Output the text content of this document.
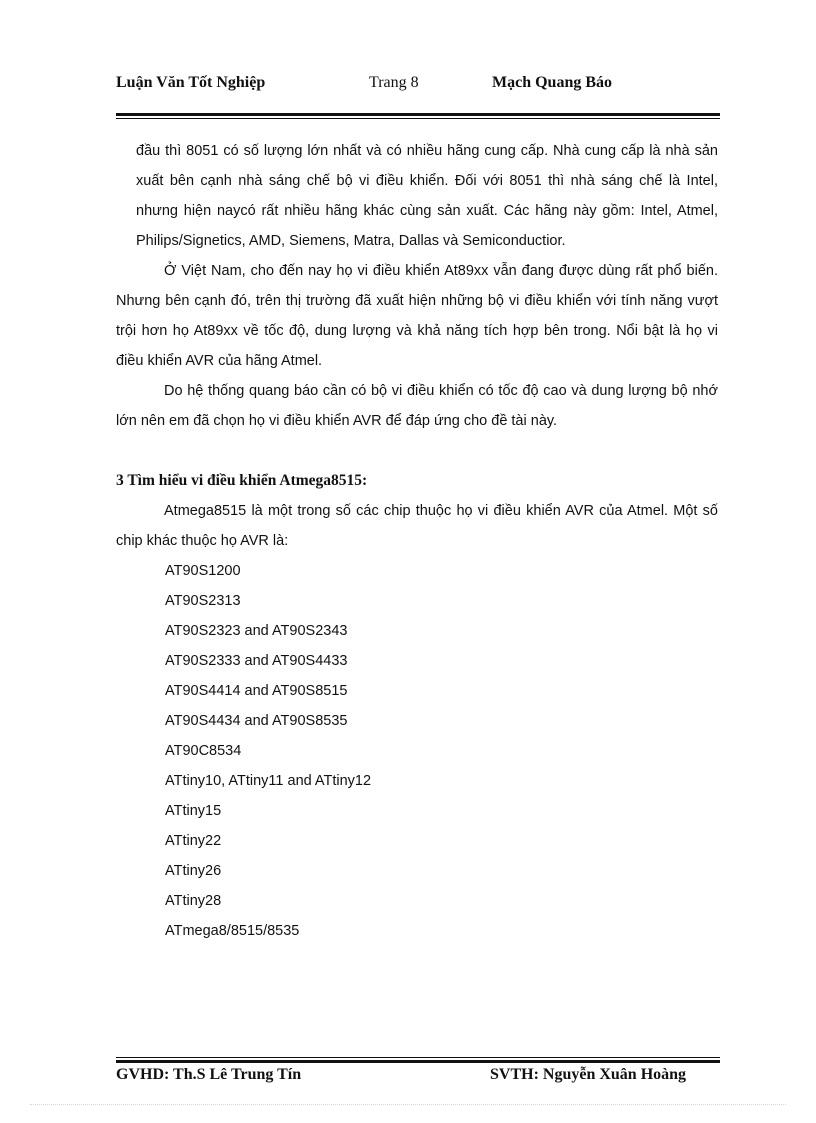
Luận Văn Tốt Nghiệp	Trang 8	Mạch Quang Báo

đầu thì 8051 có số lượng lớn nhất và có nhiều hãng cung cấp. Nhà cung cấp là nhà sản xuất bên cạnh nhà sáng chế bộ vi điều khiển. Đối với 8051 thì nhà sáng chế là Intel, nhưng hiện naycó rất nhiều hãng khác cùng sản xuất. Các hãng này gồm: Intel, Atmel, Philips/Signetics, AMD, Siemens, Matra, Dallas và Semiconductior.

Ở Việt Nam, cho đến nay họ vi điều khiển At89xx vẫn đang được dùng rất phổ biến. Nhưng bên cạnh đó, trên thị trường đã xuất hiện những bộ vi điều khiển với tính năng vượt trội hơn họ At89xx về tốc độ, dung lượng và khả năng tích hợp bên trong. Nổi bật là họ vi điều khiển AVR của hãng Atmel.

Do hệ thống quang báo cần có bộ vi điều khiển có tốc độ cao và dung lượng bộ nhớ lớn nên em đã chọn họ vi điều khiển AVR để đáp ứng cho đề tài này.

3 Tìm hiểu vi điều khiển Atmega8515:

Atmega8515 là một trong số các chip thuộc họ vi điều khiển AVR của Atmel. Một số chip khác thuộc họ AVR là:

AT90S1200
AT90S2313
AT90S2323 and AT90S2343
AT90S2333 and AT90S4433
AT90S4414 and AT90S8515
AT90S4434 and AT90S8535
AT90C8534
ATtiny10, ATtiny11 and ATtiny12
ATtiny15
ATtiny22
ATtiny26
ATtiny28
ATmega8/8515/8535
GVHD: Th.S Lê Trung Tín	SVTH: Nguyễn Xuân Hoàng
